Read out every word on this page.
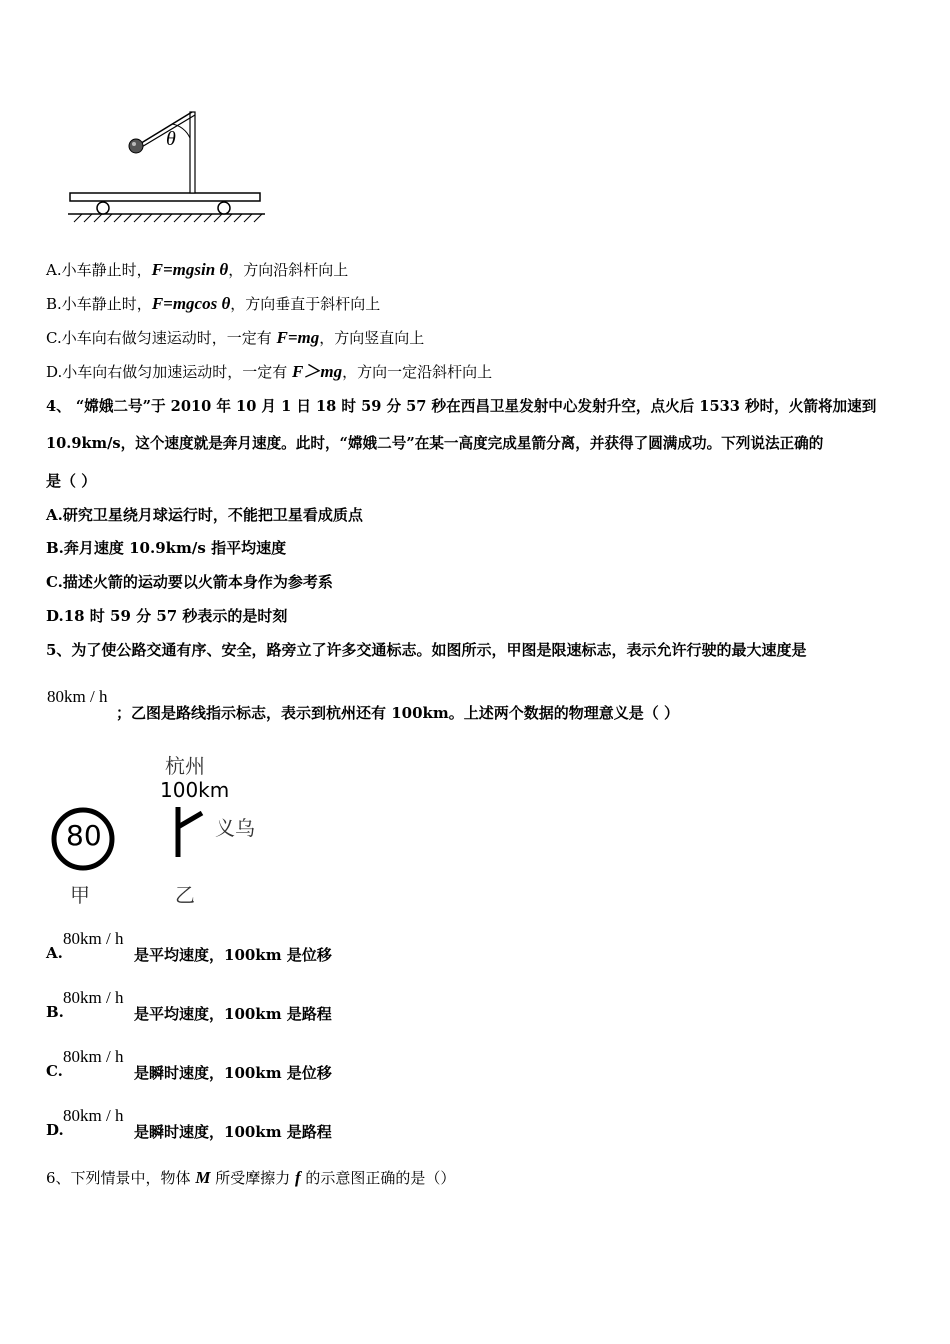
θ
A.小车静止时，F=mgsin θ，方向沿斜杆向上
B.小车静止时，F=mgcos θ，方向垂直于斜杆向上
C.小车向右做匀速运动时，一定有 F=mg，方向竖直向上
D.小车向右做匀加速运动时，一定有 F＞mg，方向一定沿斜杆向上
4、 “嫦娥二号”于 2010 年 10 月 1 日 18 时 59 分 57 秒在西昌卫星发射中心发射升空，点火后 1533 秒时，火箭将加速到
10.9km/s，这个速度就是奔月速度。此时，“嫦娥二号”在某一高度完成星箭分离，并获得了圆满成功。下列说法正确的
是（ ）
A.研究卫星绕月球运行时，不能把卫星看成质点
B.奔月速度 10.9km/s 指平均速度
C.描述火箭的运动要以火箭本身作为参考系
D.18 时 59 分 57 秒表示的是时刻
5、为了使公路交通有序、安全，路旁立了许多交通标志。如图所示，甲图是限速标志，表示允许行驶的最大速度是
80km / h
；乙图是路线指示标志，表示到杭州还有 100km。上述两个数据的物理意义是（ ）
80
甲
杭州
100km
义乌
乙
A.
80km / h
是平均速度，100km 是位移
B.
80km / h
是平均速度，100km 是路程
C.
80km / h
是瞬时速度，100km 是位移
D.
80km / h
是瞬时速度，100km 是路程
6、下列情景中，物体 M 所受摩擦力 f 的示意图正确的是（）
